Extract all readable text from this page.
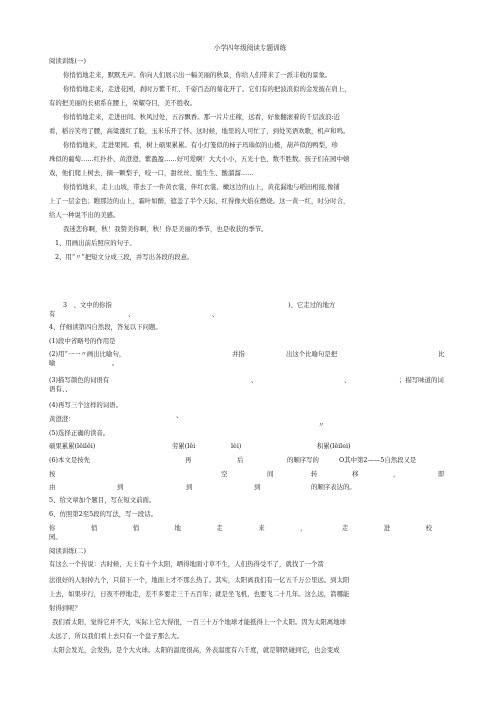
小学四年级阅读专题训练
阅读训练(一)
你悄悄地走来，默默无声。你向人们展示出一幅美丽的秋景，你给人们带来了一派丰收的景象。
你悄悄地走来，走进花园，刹时万紫千红、千姿百态的菊花开了。它们有的把波浪似的金发披在肩上，
有的把美丽的长裙系在腰上，荣耀夺目，美不胜收。
你悄悄地走来，走进田间。秋风过处，五谷飘香。那一片片庄稼，远看，好象翻滚着的千层波浪:近
看，稻谷笑弯了腰，高粱涨红了脸，玉米乐开了怀。这时候，地里的人可忙了，到处笑语欢歌，机声和鸣。
你悄悄地来，走进果园。看，树上硕果累累。有小灯笼似的柿子玛瑙似的山楂，葫芦似的鸭梨，珍
珠似的葡萄……红扑扑、黄澄澄、紫盈盈……好可爱啊！大大小小，五光十色，数不胜数。孩子们在园中嬉
戏，他们爬上树去，摘一颗梨子，咬一口，甜丝丝、脆生生、酸溜溜……
你悄悄地来，走上山坡，带去了一件黄衣裳，伴红衣裳、橄这边的山上，黄花漏地与稻田相接,像铺
上了一层金色；瞧那边的山上，霜叶如醉，遮盖了半个天际，红得像火焰在燃烧。这一黄一红，时分时合，
给人一种说不出的美感。
我迷恋你啊，秋！我赞美你啊，秋！你是美丽的季节，也是收获的季节。
1、用画出前后照应的句子。
2、用“〃”把短文分成三段，并写出各段的段意。
3　、文中的你指	)、它走过的地方
有	、	、
4、仔细读第四自然段，答复以下问题。
(1)段中省略号的作用是
(2)用“一一〃画出比喻句，	并指	出这个比喻句是把	比
喻	。
(3)描写颜色的词语有	、	、	；描写味道的词
语有、、
(4)再写三个这样的词语。
黄澄澄：	、
〃
(5)选择正确的读音。
硕果累累(lěilěi)	劳累(lěi	lèi)	积累(lěilei)
(6)本文是按先	再	后	的顺序写的	O其中第2——5自然段又是
按	空	间	转	移	，	即
由	到	到	到	的顺序表达的。
5、给文章加个题目，写在短文前面。
6、仿照第2至5段的写法，写一段话。
你	悄	悄	地	走	来	，	走	进	校
园。
阅读训练(二)
有这么一个传说：古时候，天上有十个太阳，晒得地面寸草不生，人们热得受不了，就找了一个箭
法很好的人射掉九个，只留下一个，地面上才不那么热了。其实，太阳离我们有一亿五千万公里远。到太阳
上去，如果步行，日夜不停地走，差不多要走三千五百年；就是坐飞机，也要飞二十几年。这么远，箭哪能
射得到呢？
我们看太阳，觉得它并不大，实际上它大得很，一百三十万个地球才能抵得上一个太阳。因为太阳离地球
太远了，所以我们看上去只有一个盘子那么大。
太阳会发光，会发热，是个大火球。太阳的温度很高，外表温度有六千度，就是钢铁碰到它，也会变成
